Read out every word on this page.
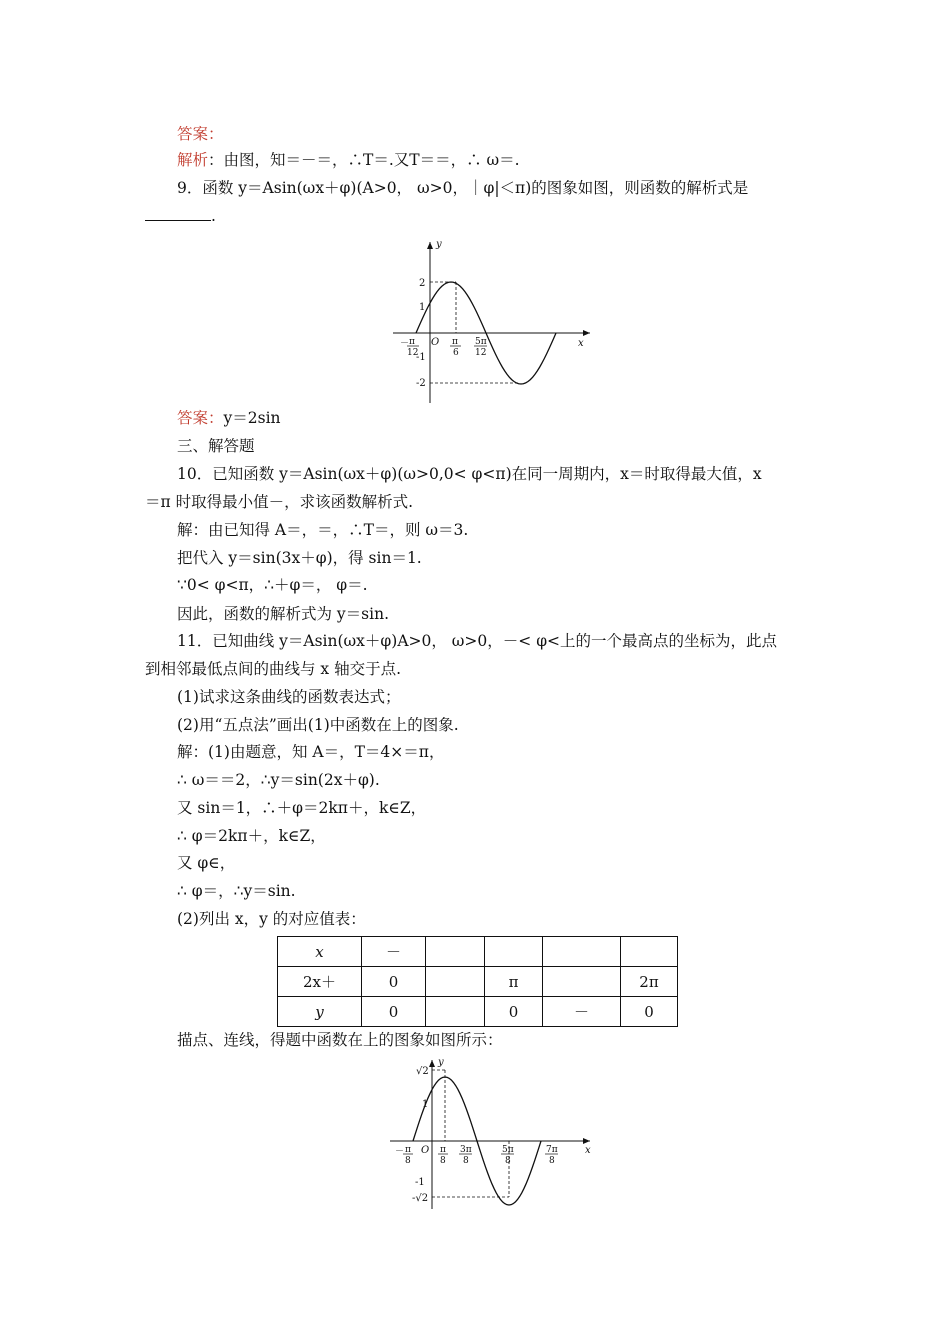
答案：
解析：由图，知＝－＝，∴T＝.又T＝＝，∴ ω＝.
9．函数 y＝Asin(ωx＋φ)(A>0， ω>0，｜φ|＜π)的图象如图，则函数的解析式是
.
y
x
O
2
1
-1
-2
－ π
12
π
6
5π
12
答案：y＝2sin
三、解答题
10．已知函数 y＝Asin(ωx＋φ)(ω>0,0< φ<π)在同一周期内，x＝时取得最大值，x
＝π 时取得最小值－，求该函数解析式.
解：由已知得 A＝，＝，∴T＝，则 ω＝3.
把代入 y＝sin(3x＋φ)，得 sin＝1.
∵0< φ<π，∴＋φ＝， φ＝.
因此，函数的解析式为 y＝sin.
11．已知曲线 y＝Asin(ωx＋φ)A>0， ω>0，－< φ<上的一个最高点的坐标为，此点
到相邻最低点间的曲线与 x 轴交于点.
(1)试求这条曲线的函数表达式；
(2)用“五点法”画出(1)中函数在上的图象.
解：(1)由题意，知 A＝，T＝4×＝π，
∴ ω＝＝2，∴y＝sin(2x＋φ).
又 sin＝1，∴＋φ＝2kπ＋，k∈Z，
∴ φ＝2kπ＋，k∈Z，
又 φ∈，
∴ φ＝，∴y＝sin.
(2)列出 x，y 的对应值表：
x	－				
2x＋	0		π		2π
y	0		0	－	0
描点、连线，得题中函数在上的图象如图所示：
y
x
O
√2
1
-1
-√2
－ π
8
π
8
3π
8
5π
8
7π
8
